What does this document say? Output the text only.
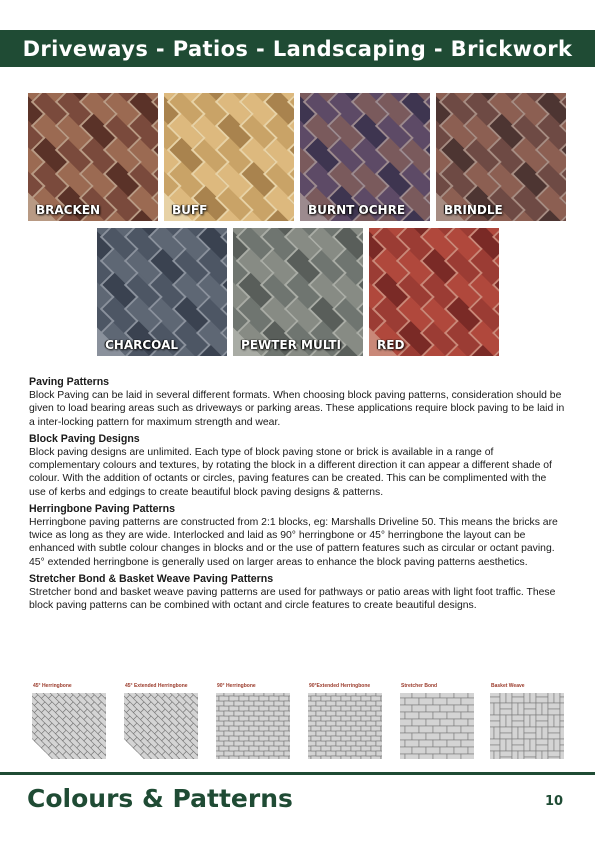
Driveways - Patios - Landscaping - Brickwork
BRACKEN	BUFF	BURNT OCHRE	BRINDLE
CHARCOAL	PEWTER MULTI	RED
Paving Patterns

Block Paving can be laid in several different formats. When choosing block paving patterns, consideration should be given to load bearing areas such as driveways or parking areas. These applications require block paving to be laid in a inter-locking pattern for maximum strength and wear.

Block Paving Designs

Block paving designs are unlimited. Each type of block paving stone or brick is available in a range of complementary colours and textures, by rotating the block in a different direction it can appear a different shade of colour. With the addition of octants or circles, paving features can be created. This can be complimented with the use of kerbs and edgings to create beautiful block paving designs & patterns.

Herringbone Paving Patterns

Herringbone paving patterns are constructed from 2:1 blocks, eg: Marshalls Driveline 50. This means the bricks are twice as long as they are wide. Interlocked and laid as 90° herringbone or 45° herringbone the layout can be enhanced with subtle colour changes in blocks and or the use of pattern features such as circular or octant paving. 45° extended herringbone is generally used on larger areas to enhance the block paving patterns aesthetics.

Stretcher Bond & Basket Weave Paving Patterns

Stretcher bond and basket weave paving patterns are used for pathways or patio areas with light foot traffic. These block paving patterns can be combined with octant and circle features to create beautiful designs.

45° Herringbone	45° Extended Herringbone	90° Herringbone	90°Extended Herringbone	Stretcher Bond	Basket Weave
Colours & Patterns	10
